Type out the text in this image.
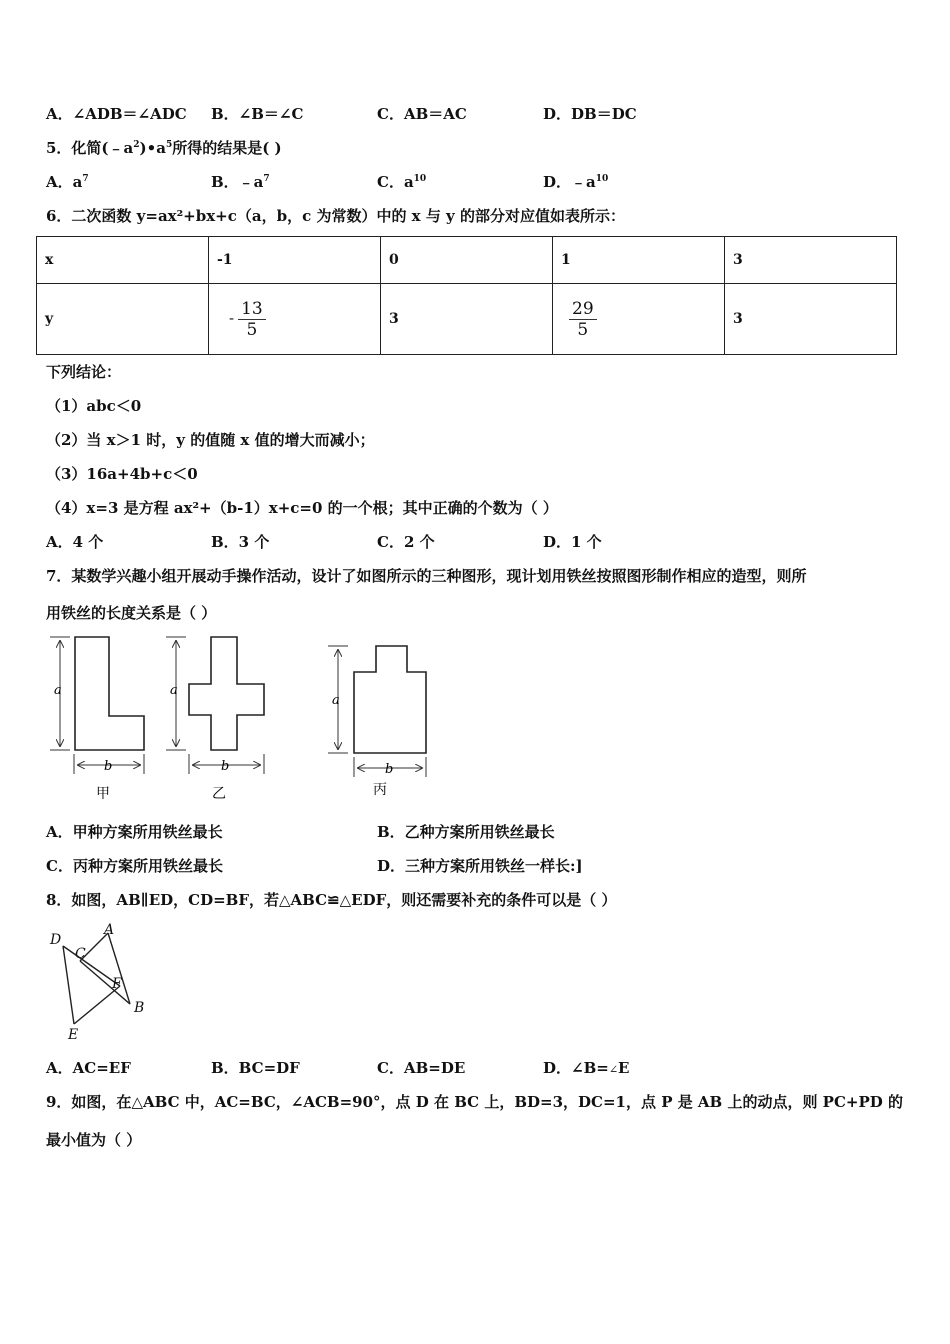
A．∠ADB＝∠ADC B．∠B＝∠C	C．AB＝AC	D．DB＝DC
5．化简$(﹣a^2)•a^5$所得的结果是( )
A．$a^7$	B．$﹣a^7$	C．$a^{10}$	D．$﹣a^{10}$
6．二次函数 y=ax²+bx+c（a，b，c 为常数）中的 x 与 y 的部分对应值如表所示：
x	-1	0	1	3
y	- $\frac{13}{5}$	3	$\frac{29}{5}$	3
下列结论：
（1）abc＜0
（2）当 x＞1 时，y 的值随 x 值的增大而减小；
（3）16a+4b+c＜0
（4）x=3 是方程 ax²+（b-1）x+c=0 的一个根；其中正确的个数为（ ）
A．4 个	B．3 个	C．2 个	D．1 个
7．某数学兴趣小组开展动手操作活动，设计了如图所示的三种图形，现计划用铁丝按照图形制作相应的造型，则所
用铁丝的长度关系是（ ）
a
b
甲
a
b
乙
a
b
丙
A．甲种方案所用铁丝最长	B．乙种方案所用铁丝最长
C．丙种方案所用铁丝最长	D．三种方案所用铁丝一样长:]
8．如图，AB∥ED，CD=BF，若△ABC≌△EDF，则还需要补充的条件可以是（ ）
D
C
A
F
B
E
A．AC=EF	B．BC=DF	C．AB=DE	D．∠B=∠E
9．如图，在△ABC 中，AC=BC，∠ACB=90°，点 D 在 BC 上，BD=3，DC=1，点 P 是 AB 上的动点，则 PC+PD 的
最小值为（ ）
